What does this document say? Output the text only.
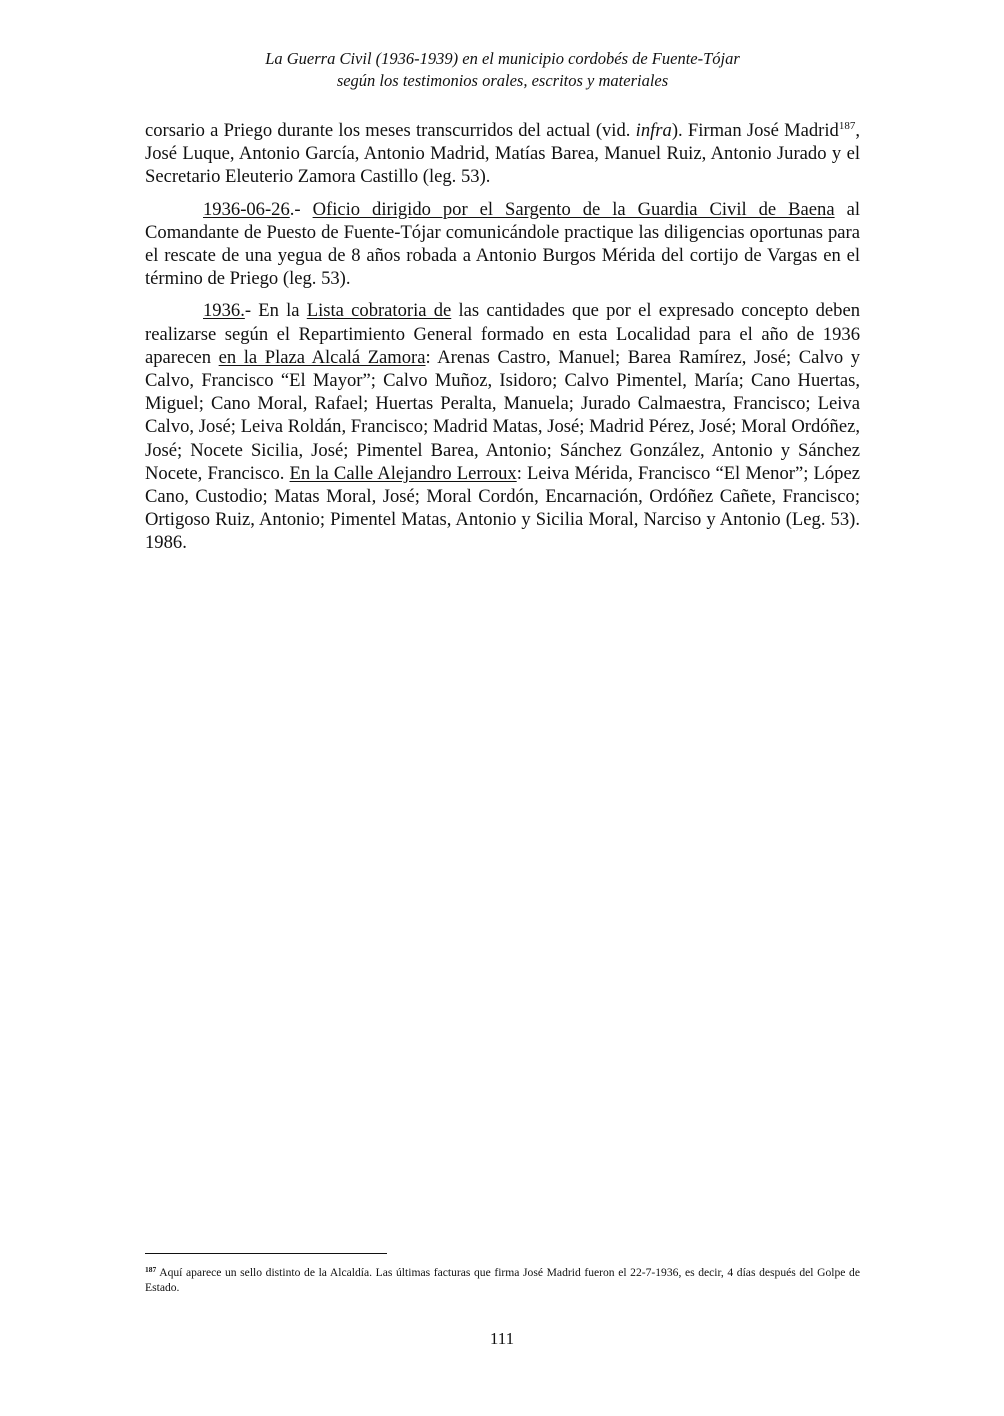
La Guerra Civil (1936-1939) en el municipio cordobés de Fuente-Tójar
según los testimonios orales, escritos y materiales

corsario a Priego durante los meses transcurridos del actual (vid. infra). Firman José Madrid$^{187}$, José Luque, Antonio García, Antonio Madrid, Matías Barea, Manuel Ruiz, Antonio Jurado y el Secretario Eleuterio Zamora Castillo (leg. 53).

1936-06-26.- Oficio dirigido por el Sargento de la Guardia Civil de Baena al Comandante de Puesto de Fuente-Tójar comunicándole practique las diligencias oportunas para el rescate de una yegua de 8 años robada a Antonio Burgos Mérida del cortijo de Vargas en el término de Priego (leg. 53).

1936.- En la Lista cobratoria de las cantidades que por el expresado concepto deben realizarse según el Repartimiento General formado en esta Localidad para el año de 1936 aparecen en la Plaza Alcalá Zamora: Arenas Castro, Manuel; Barea Ramírez, José; Calvo y Calvo, Francisco “El Mayor”; Calvo Muñoz, Isidoro; Calvo Pimentel, María; Cano Huertas, Miguel; Cano Moral, Rafael; Huertas Peralta, Manuela; Jurado Calmaestra, Francisco; Leiva Calvo, José; Leiva Roldán, Francisco; Madrid Matas, José; Madrid Pérez, José; Moral Ordóñez, José; Nocete Sicilia, José; Pimentel Barea, Antonio; Sánchez González, Antonio y Sánchez Nocete, Francisco. En la Calle Alejandro Lerroux: Leiva Mérida, Francisco “El Menor”; López Cano, Custodio; Matas Moral, José; Moral Cordón, Encarnación, Ordóñez Cañete, Francisco; Ortigoso Ruiz, Antonio; Pimentel Matas, Antonio y Sicilia Moral, Narciso y Antonio (Leg. 53). 1986.

$^{187}$ Aquí aparece un sello distinto de la Alcaldía. Las últimas facturas que firma José Madrid fueron el 22-7-1936, es decir, 4 días después del Golpe de Estado.
111
